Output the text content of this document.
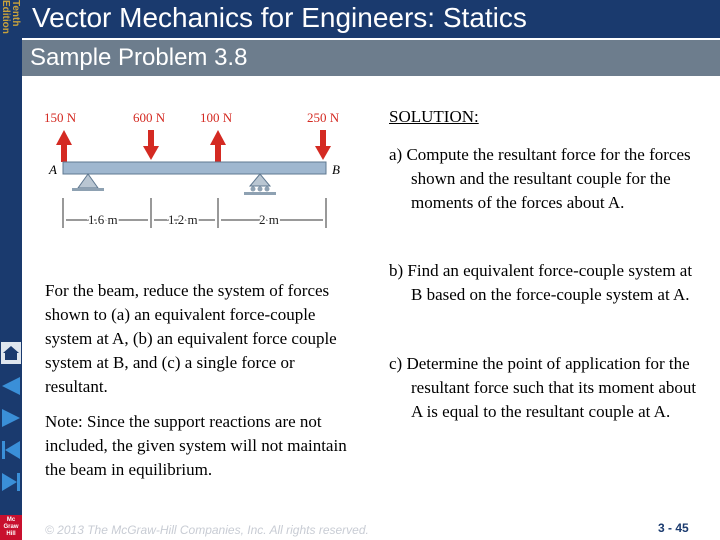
Tenth
Edition Vector Mechanics for Engineers: Statics
Sample Problem 3.8
Mc
Graw
Hill
150 N	600 N	100 N	250 N
A	B
1.6 m	1.2 m	2 m
For the beam, reduce the system of forces shown to (a) an equivalent force-couple system at A, (b) an equivalent force couple system at B, and (c) a single force or resultant.
Note: Since the support reactions are not included, the given system will not maintain the beam in equilibrium.
SOLUTION:
a) Compute the resultant force for the forces shown and the resultant couple for the moments of the forces about A.
b) Find an equivalent force-couple system at B based on the force-couple system at A.
c) Determine the point of application for the resultant force such that its moment about A is equal to the resultant couple at A.
© 2013 The McGraw-Hill Companies, Inc. All rights reserved.	3 - 45
